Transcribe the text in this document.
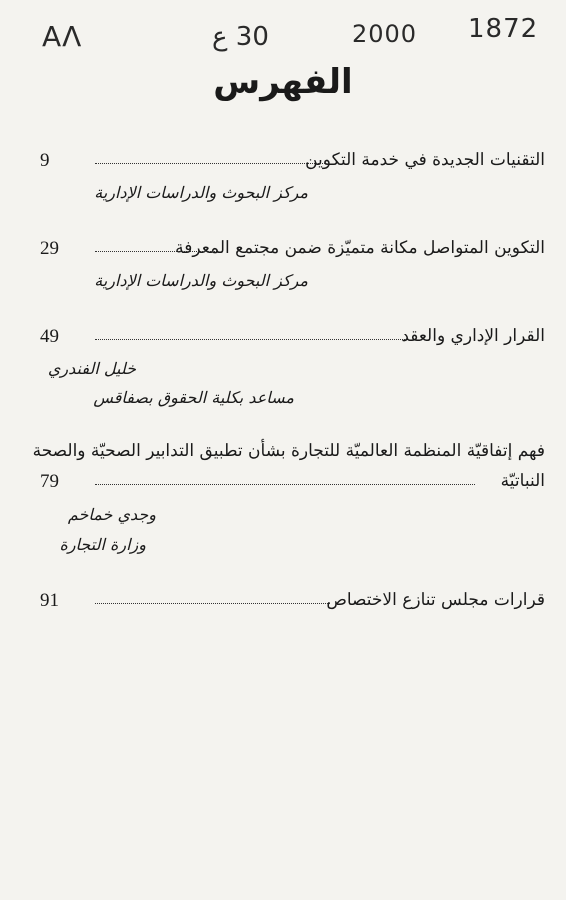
AΛ	30 ع	2000 1872
الفهرس
التقنيات الجديدة في خدمة التكوين
9
مركز البحوث والدراسات الإدارية
التكوين المتواصل مكانة متميّزة ضمن مجتمع المعرفة
29
مركز البحوث والدراسات الإدارية
القرار الإداري والعقد
49
خليل الفندري
مساعد بكلية الحقوق بصفاقس
فهم إتفاقيّة المنظمة العالميّة للتجارة بشأن تطبيق التدابير الصحيّة والصحة
النباتيّة
79
وجدي خماخم
وزارة التجارة
قرارات مجلس تنازع الاختصاص
91
